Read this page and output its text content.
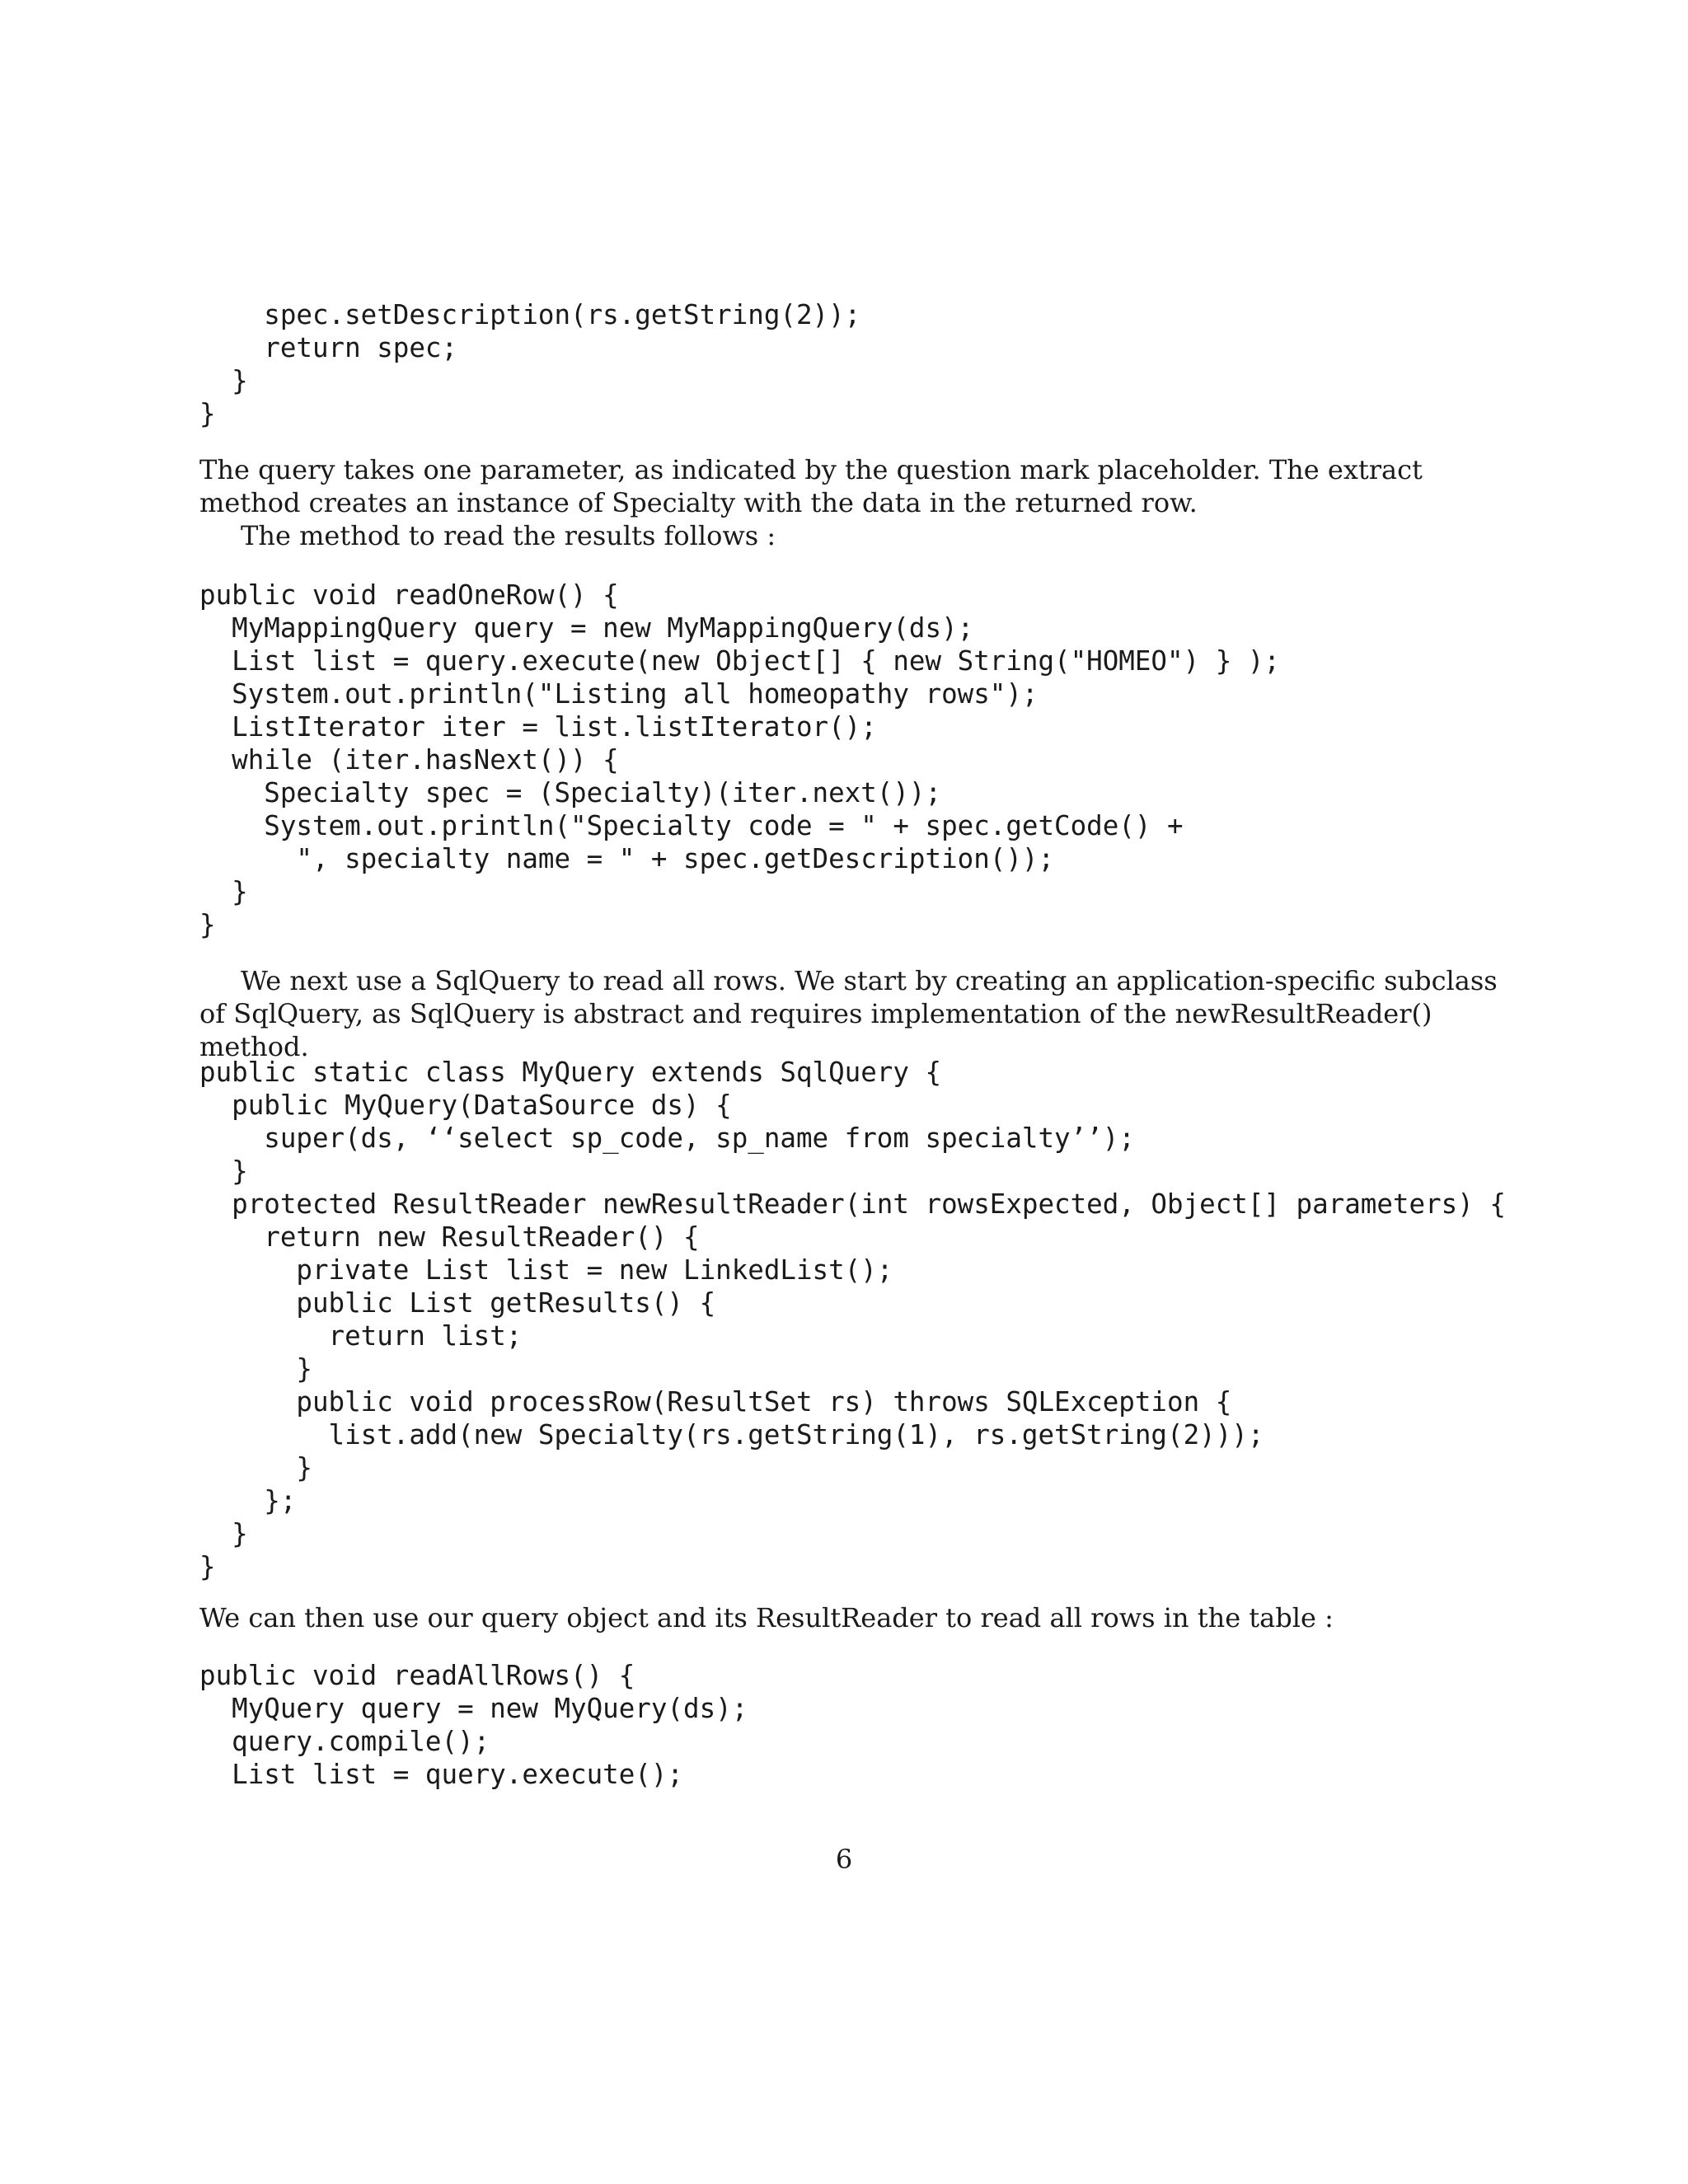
spec.setDescription(rs.getString(2));
return spec;
}
}

The query takes one parameter, as indicated by the question mark placeholder. The extract method creates an instance of Specialty with the data in the returned row.

The method to read the results follows :

public void readOneRow() {
MyMappingQuery query = new MyMappingQuery(ds);
List list = query.execute(new Object[] { new String("HOMEO") } );
System.out.println("Listing all homeopathy rows");
ListIterator iter = list.listIterator();
while (iter.hasNext()) {
Specialty spec = (Specialty)(iter.next());
System.out.println("Specialty code = " + spec.getCode() +
", specialty name = " + spec.getDescription());
}
}

We next use a SqlQuery to read all rows. We start by creating an application-specific subclass of SqlQuery, as SqlQuery is abstract and requires implementation of the newResultReader() method.

public static class MyQuery extends SqlQuery {
public MyQuery(DataSource ds) {
super(ds, ‘‘select sp_code, sp_name from specialty’’);
}
protected ResultReader newResultReader(int rowsExpected, Object[] parameters) {
return new ResultReader() {
private List list = new LinkedList();
public List getResults() {
return list;
}
public void processRow(ResultSet rs) throws SQLException {
list.add(new Specialty(rs.getString(1), rs.getString(2)));
}
};
}
}

We can then use our query object and its ResultReader to read all rows in the table :

public void readAllRows() {
MyQuery query = new MyQuery(ds);
query.compile();
List list = query.execute();
6
